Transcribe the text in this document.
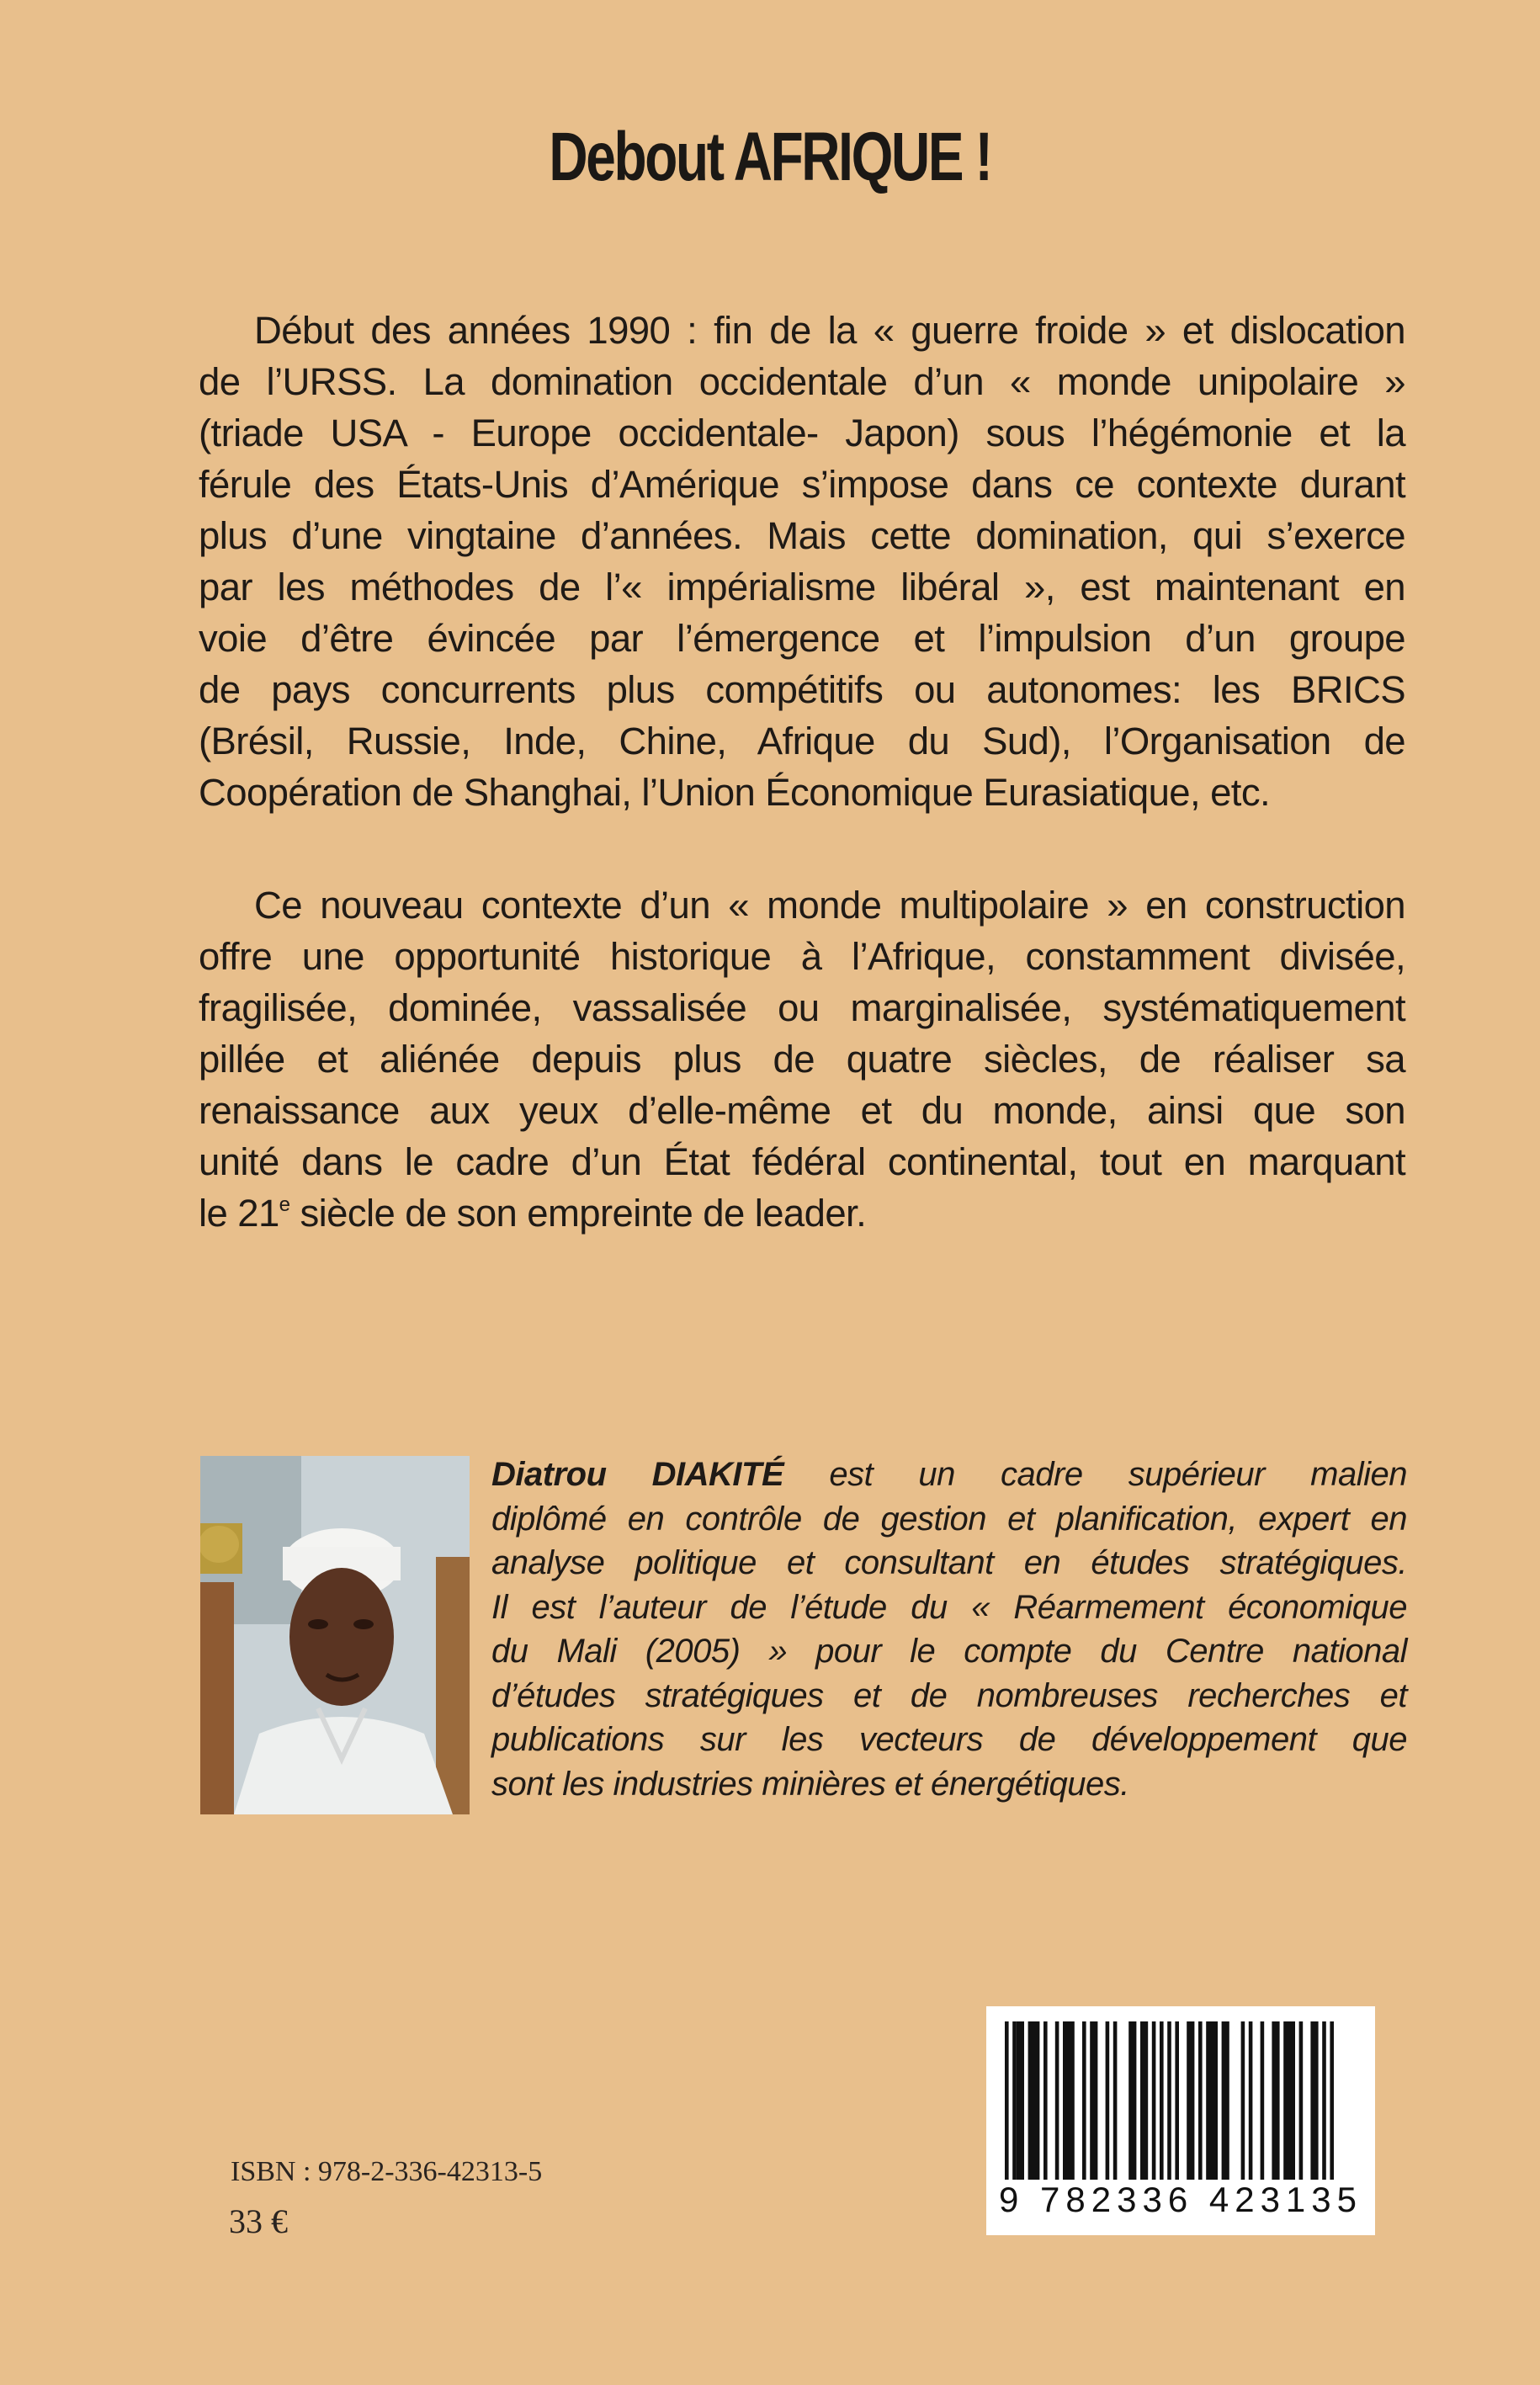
Debout AFRIQUE !
Début des années 1990 : fin de la « guerre froide » et dislocation
de l’URSS. La domination occidentale d’un « monde unipolaire »
(triade USA - Europe occidentale- Japon) sous l’hégémonie et la
férule des États-Unis d’Amérique s’impose dans ce contexte durant
plus d’une vingtaine d’années. Mais cette domination, qui s’exerce
par les méthodes de l’« impérialisme libéral », est maintenant en
voie d’être évincée par l’émergence et l’impulsion d’un groupe
de pays concurrents plus compétitifs ou autonomes: les BRICS
(Brésil, Russie, Inde, Chine, Afrique du Sud), l’Organisation de
Coopération de Shanghai, l’Union Économique Eurasiatique, etc.
Ce nouveau contexte d’un « monde multipolaire » en construction
offre une opportunité historique à l’Afrique, constamment divisée,
fragilisée, dominée, vassalisée ou marginalisée, systématiquement
pillée et aliénée depuis plus de quatre siècles, de réaliser sa
renaissance aux yeux d’elle-même et du monde, ainsi que son
unité dans le cadre d’un État fédéral continental, tout en marquant
le 21e siècle de son empreinte de leader.
Diatrou DIAKITÉ est un cadre supérieur malien
diplômé en contrôle de gestion et planification, expert en
analyse politique et consultant en études stratégiques.
Il est l’auteur de l’étude du « Réarmement économique
du Mali (2005) » pour le compte du Centre national
d’études stratégiques et de nombreuses recherches et
publications sur les vecteurs de développement que
sont les industries minières et énergétiques.
ISBN : 978-2-336-42313-5
33 €
9 782336 423135
